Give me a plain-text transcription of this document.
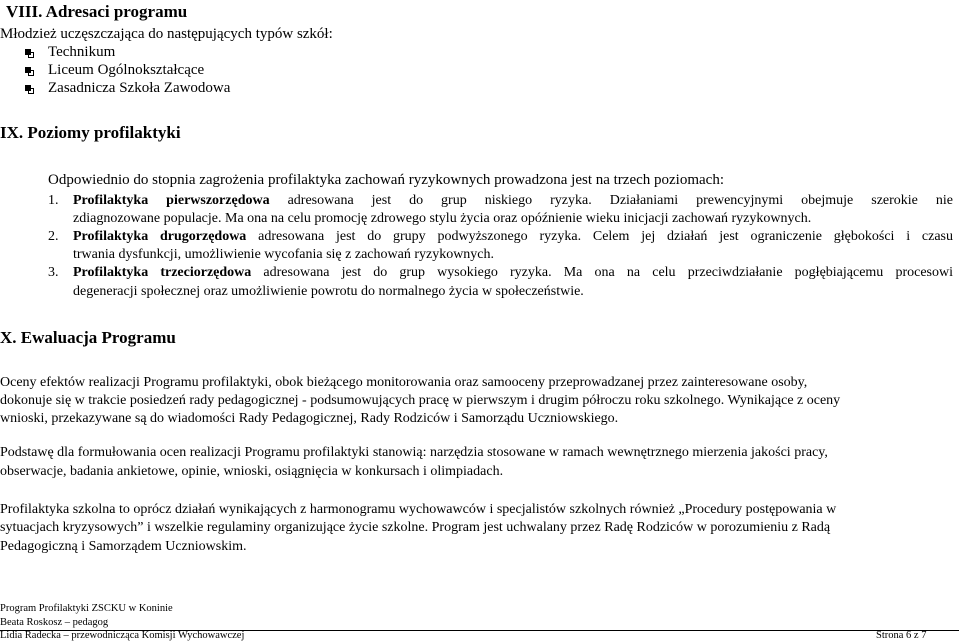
VIII. Adresaci programu
Młodzież uczęszczająca do następujących typów szkół:
Technikum
Liceum Ogólnokształcące
Zasadnicza Szkoła Zawodowa
IX. Poziomy profilaktyki
Odpowiednio do stopnia zagrożenia profilaktyka zachowań ryzykownych prowadzona jest na trzech poziomach:
1. Profilaktyka pierwszorzędowa adresowana jest do grup niskiego ryzyka. Działaniami prewencyjnymi obejmuje szerokie nie
zdiagnozowane populacje. Ma ona na celu promocję zdrowego stylu życia oraz opóźnienie wieku inicjacji zachowań ryzykownych.
2. Profilaktyka drugorzędowa adresowana jest do grupy podwyższonego ryzyka. Celem jej działań jest ograniczenie głębokości i czasu
trwania dysfunkcji, umożliwienie wycofania się z zachowań ryzykownych.
3. Profilaktyka trzeciorzędowa adresowana jest do grup wysokiego ryzyka. Ma ona na celu przeciwdziałanie pogłębiającemu procesowi
degeneracji społecznej oraz umożliwienie powrotu do normalnego życia w społeczeństwie.
X. Ewaluacja Programu
Oceny efektów realizacji Programu profilaktyki, obok bieżącego monitorowania oraz samooceny przeprowadzanej przez zainteresowane osoby,
dokonuje się w trakcie posiedzeń rady pedagogicznej - podsumowujących pracę w pierwszym i drugim półroczu roku szkolnego. Wynikające z oceny
wnioski, przekazywane są do wiadomości Rady Pedagogicznej, Rady Rodziców i Samorządu Uczniowskiego.
Podstawę dla formułowania ocen realizacji Programu profilaktyki stanowią: narzędzia stosowane w ramach wewnętrznego mierzenia jakości pracy,
obserwacje, badania ankietowe, opinie, wnioski, osiągnięcia w konkursach i olimpiadach.
Profilaktyka szkolna to oprócz działań wynikających z harmonogramu wychowawców i specjalistów szkolnych również „Procedury postępowania w
sytuacjach kryzysowych” i wszelkie regulaminy organizujące życie szkolne. Program jest uchwalany przez Radę Rodziców w porozumieniu z Radą
Pedagogiczną i Samorządem Uczniowskim.
Program Profilaktyki ZSCKU w Koninie
Beata Roskosz – pedagog
Lidia Radecka – przewodnicząca Komisji Wychowawczej	Strona 6 z 7
